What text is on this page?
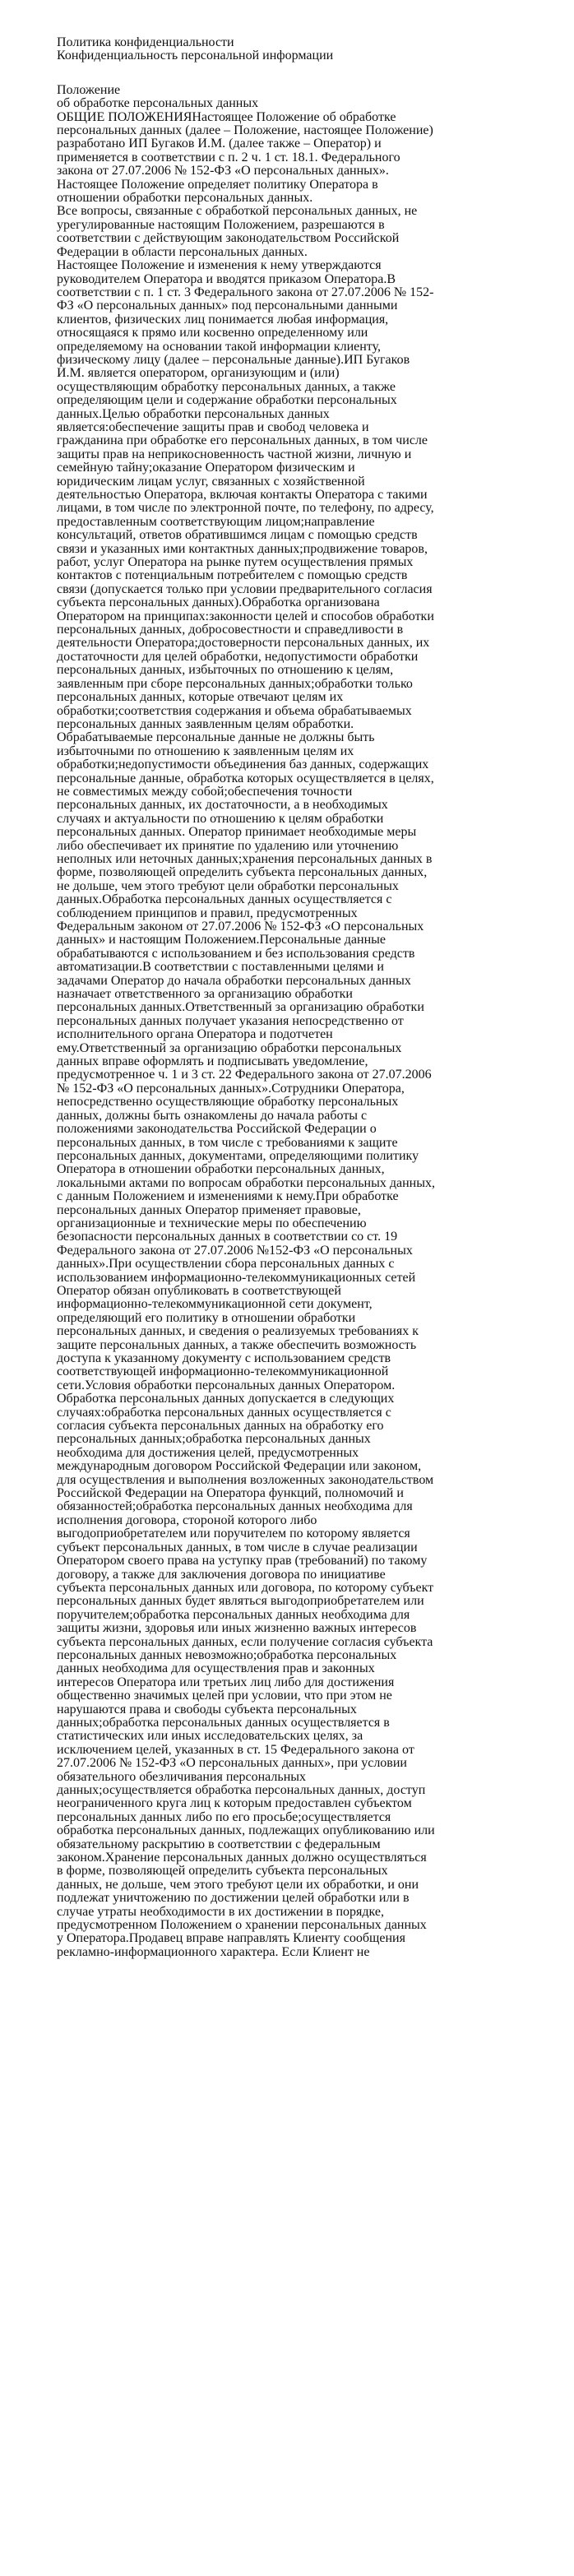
Политика конфиденциальности
Конфиденциальность персональной информации
Положение
об обработке персональных данных
ОБЩИЕ ПОЛОЖЕНИЯНастоящее Положение об обработке персональных данных (далее – Положение, настоящее Положение) разработано ИП Бугаков И.М. (далее также – Оператор) и применяется в соответствии с п. 2 ч. 1 ст. 18.1. Федерального закона от 27.07.2006 № 152-ФЗ «О персональных данных».
Настоящее Положение определяет политику Оператора в отношении обработки персональных данных.
Все вопросы, связанные с обработкой персональных данных, не урегулированные настоящим Положением, разрешаются в соответствии с действующим законодательством Российской Федерации в области персональных данных.
Настоящее Положение и изменения к нему утверждаются руководителем Оператора и вводятся приказом Оператора.В соответствии с п. 1 ст. 3 Федерального закона от 27.07.2006 № 152-ФЗ «О персональных данных» под персональными данными клиентов, физических лиц понимается любая информация, относящаяся к прямо или косвенно определенному или определяемому на основании такой информации клиенту, физическому лицу (далее – персональные данные).ИП Бугаков И.М. является оператором, организующим и (или) осуществляющим обработку персональных данных, а также определяющим цели и содержание обработки персональных данных.Целью обработки персональных данных является:обеспечение защиты прав и свобод человека и гражданина при обработке его персональных данных, в том числе защиты прав на неприкосновенность частной жизни, личную и семейную тайну;оказание Оператором физическим и юридическим лицам услуг, связанных с хозяйственной деятельностью Оператора, включая контакты Оператора с такими лицами, в том числе по электронной почте, по телефону, по адресу, предоставленным соответствующим лицом;направление консультаций, ответов обратившимся лицам с помощью средств связи и указанных ими контактных данных;продвижение товаров, работ, услуг Оператора на рынке путем осуществления прямых контактов с потенциальным потребителем с помощью средств связи (допускается только при условии предварительного согласия субъекта персональных данных).Обработка организована Оператором на принципах:законности целей и способов обработки персональных данных, добросовестности и справедливости в деятельности Оператора;достоверности персональных данных, их достаточности для целей обработки, недопустимости обработки персональных данных, избыточных по отношению к целям, заявленным при сборе персональных данных;обработки только персональных данных, которые отвечают целям их обработки;соответствия содержания и объема обрабатываемых персональных данных заявленным целям обработки. Обрабатываемые персональные данные не должны быть избыточными по отношению к заявленным целям их обработки;недопустимости объединения баз данных, содержащих персональные данные, обработка которых осуществляется в целях, не совместимых между собой;обеспечения точности персональных данных, их достаточности, а в необходимых случаях и актуальности по отношению к целям обработки персональных данных. Оператор принимает необходимые меры либо обеспечивает их принятие по удалению или уточнению неполных или неточных данных;хранения персональных данных в форме, позволяющей определить субъекта персональных данных, не дольше, чем этого требуют цели обработки персональных данных.Обработка персональных данных осуществляется с соблюдением принципов и правил, предусмотренных Федеральным законом от 27.07.2006 № 152-ФЗ «О персональных данных» и настоящим Положением.Персональные данные обрабатываются с использованием и без использования средств автоматизации.В соответствии с поставленными целями и задачами Оператор до начала обработки персональных данных назначает ответственного за организацию обработки персональных данных.Ответственный за организацию обработки персональных данных получает указания непосредственно от исполнительного органа Оператора и подотчетен ему.Ответственный за организацию обработки персональных данных вправе оформлять и подписывать уведомление, предусмотренное ч. 1 и 3 ст. 22 Федерального закона от 27.07.2006 № 152-ФЗ «О персональных данных».Сотрудники Оператора, непосредственно осуществляющие обработку персональных данных, должны быть ознакомлены до начала работы с положениями законодательства Российской Федерации о персональных данных, в том числе с требованиями к защите персональных данных, документами, определяющими политику Оператора в отношении обработки персональных данных, локальными актами по вопросам обработки персональных данных, с данным Положением и изменениями к нему.При обработке персональных данных Оператор применяет правовые, организационные и технические меры по обеспечению безопасности персональных данных в соответствии со ст. 19 Федерального закона от 27.07.2006 №152-ФЗ «О персональных данных».При осуществлении сбора персональных данных с использованием информационно-телекоммуникационных сетей Оператор обязан опубликовать в соответствующей информационно-телекоммуникационной сети документ, определяющий его политику в отношении обработки персональных данных, и сведения о реализуемых требованиях к защите персональных данных, а также обеспечить возможность доступа к указанному документу с использованием средств соответствующей информационно-телекоммуникационной сети.Условия обработки персональных данных Оператором. Обработка персональных данных допускается в следующих случаях:обработка персональных данных осуществляется с согласия субъекта персональных данных на обработку его персональных данных;обработка персональных данных необходима для достижения целей, предусмотренных международным договором Российской Федерации или законом, для осуществления и выполнения возложенных законодательством Российской Федерации на Оператора функций, полномочий и обязанностей;обработка персональных данных необходима для исполнения договора, стороной которого либо выгодоприобретателем или поручителем по которому является субъект персональных данных, в том числе в случае реализации Оператором своего права на уступку прав (требований) по такому договору, а также для заключения договора по инициативе субъекта персональных данных или договора, по которому субъект персональных данных будет являться выгодоприобретателем или поручителем;обработка персональных данных необходима для защиты жизни, здоровья или иных жизненно важных интересов субъекта персональных данных, если получение согласия субъекта персональных данных невозможно;обработка персональных данных необходима для осуществления прав и законных интересов Оператора или третьих лиц либо для достижения общественно значимых целей при условии, что при этом не нарушаются права и свободы субъекта персональных данных;обработка персональных данных осуществляется в статистических или иных исследовательских целях, за исключением целей, указанных в ст. 15 Федерального закона от 27.07.2006 № 152-ФЗ «О персональных данных», при условии обязательного обезличивания персональных данных;осуществляется обработка персональных данных, доступ неограниченного круга лиц к которым предоставлен субъектом персональных данных либо по его просьбе;осуществляется обработка персональных данных, подлежащих опубликованию или обязательному раскрытию в соответствии с федеральным законом.Хранение персональных данных должно осуществляться в форме, позволяющей определить субъекта персональных данных, не дольше, чем этого требуют цели их обработки, и они подлежат уничтожению по достижении целей обработки или в случае утраты необходимости в их достижении в порядке, предусмотренном Положением о хранении персональных данных у Оператора.Продавец вправе направлять Клиенту сообщения рекламно-информационного характера. Если Клиент не
